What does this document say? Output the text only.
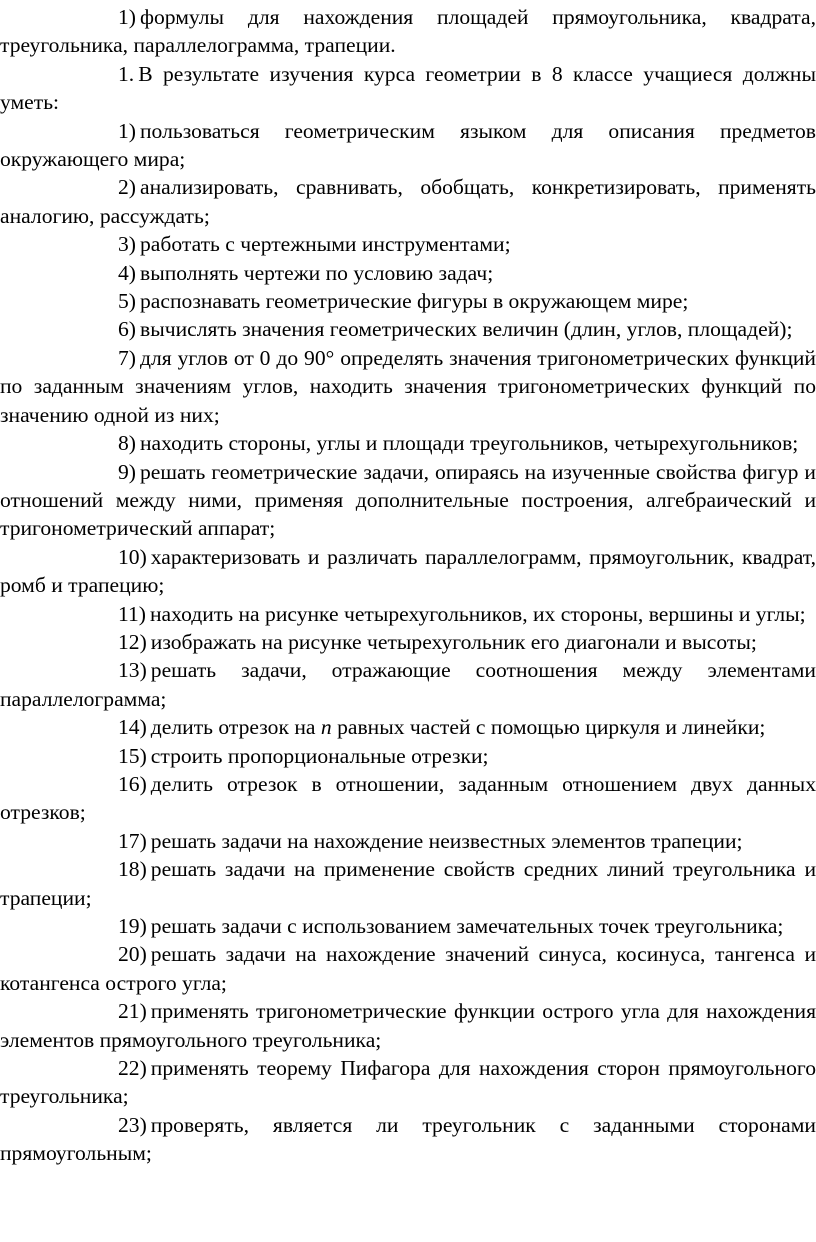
1) формулы для нахождения площадей прямоугольника, квадрата, треугольника, параллелограмма, трапеции.

1. В результате изучения курса геометрии в 8 классе учащиеся должны уметь:

1) пользоваться геометрическим языком для описания предметов окружающего мира;

2) анализировать, сравнивать, обобщать, конкретизировать, применять аналогию, рассуждать;

3) работать с чертежными инструментами;

4) выполнять чертежи по условию задач;

5) распознавать геометрические фигуры в окружающем мире;

6) вычислять значения геометрических величин (длин, углов, площадей);

7) для углов от 0 до 90° определять значения тригонометрических функций по заданным значениям углов, находить значения тригонометрических функций по значению одной из них;

8) находить стороны, углы и площади треугольников, четырехугольников;

9) решать геометрические задачи, опираясь на изученные свойства фигур и отношений между ними, применяя дополнительные построения, алгебраический и тригонометрический аппарат;

10) характеризовать и различать параллелограмм, прямоугольник, квадрат, ромб и трапецию;

11) находить на рисунке четырехугольников, их стороны, вершины и углы;

12) изображать на рисунке четырехугольник его диагонали и высоты;

13) решать задачи, отражающие соотношения между элементами параллелограмма;

14) делить отрезок на n равных частей с помощью циркуля и линейки;

15) строить пропорциональные отрезки;

16) делить отрезок в отношении, заданным отношением двух данных отрезков;

17) решать задачи на нахождение неизвестных элементов трапеции;

18) решать задачи на применение свойств средних линий треугольника и трапеции;

19) решать задачи с использованием замечательных точек треугольника;

20) решать задачи на нахождение значений синуса, косинуса, тангенса и котангенса острого угла;

21) применять тригонометрические функции острого угла для нахождения элементов прямоугольного треугольника;

22) применять теорему Пифагора для нахождения сторон прямоугольного треугольника;

23) проверять, является ли треугольник с заданными сторонами прямоугольным;
